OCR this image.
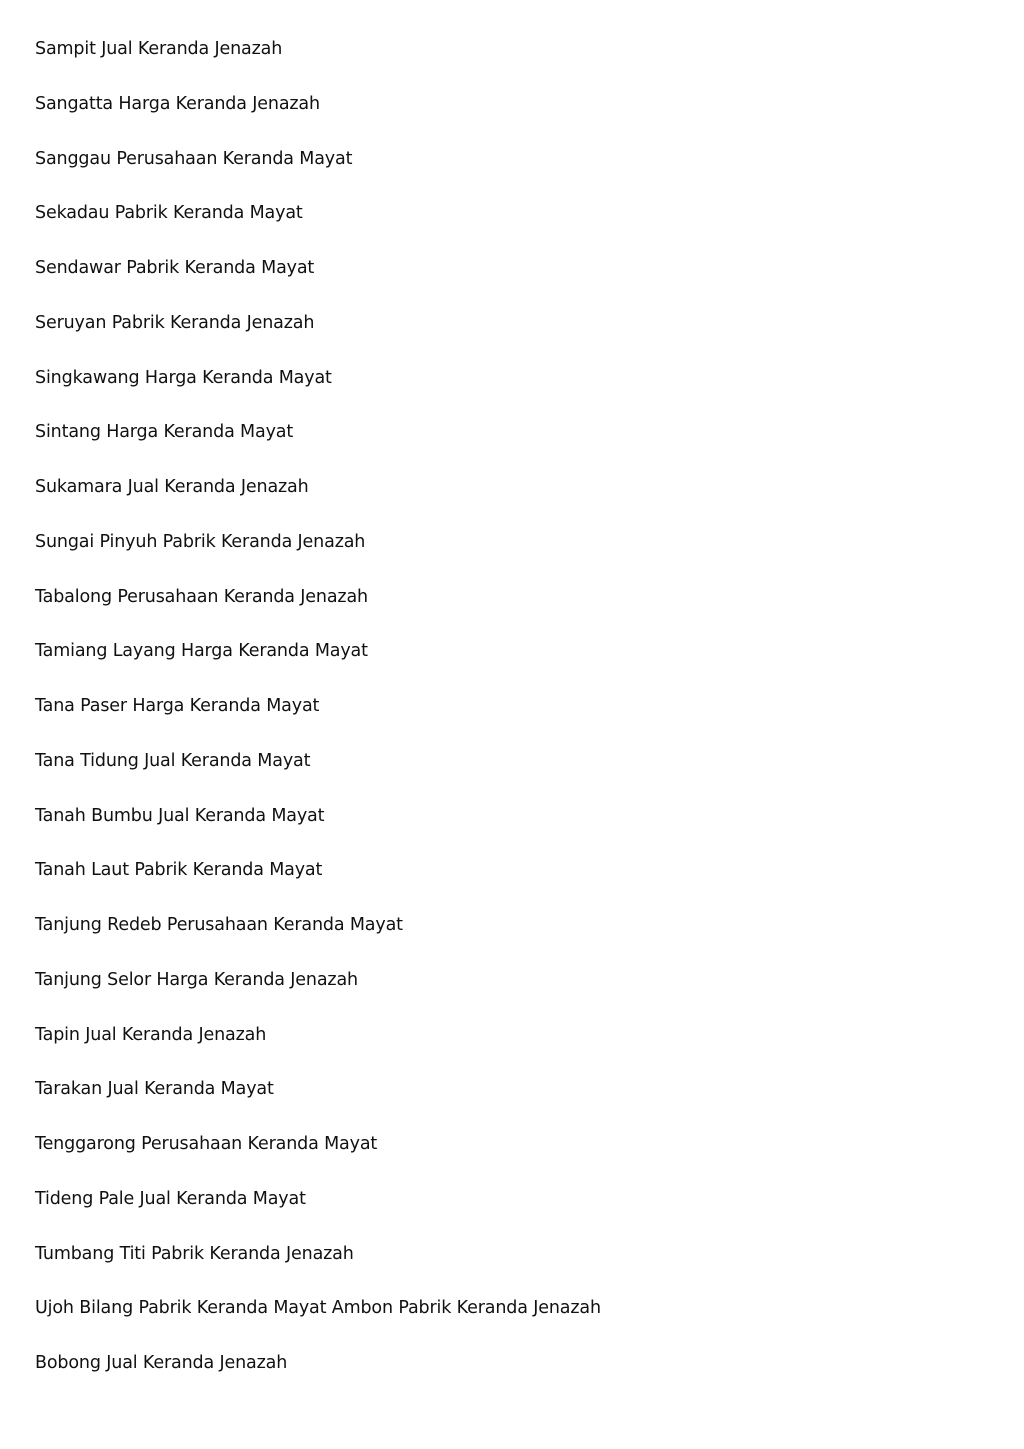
Sampit Jual Keranda Jenazah
Sangatta Harga Keranda Jenazah
Sanggau Perusahaan Keranda Mayat
Sekadau Pabrik Keranda Mayat
Sendawar Pabrik Keranda Mayat
Seruyan Pabrik Keranda Jenazah
Singkawang Harga Keranda Mayat
Sintang Harga Keranda Mayat
Sukamara Jual Keranda Jenazah
Sungai Pinyuh Pabrik Keranda Jenazah
Tabalong Perusahaan Keranda Jenazah
Tamiang Layang Harga Keranda Mayat
Tana Paser Harga Keranda Mayat
Tana Tidung Jual Keranda Mayat
Tanah Bumbu Jual Keranda Mayat
Tanah Laut Pabrik Keranda Mayat
Tanjung Redeb Perusahaan Keranda Mayat
Tanjung Selor Harga Keranda Jenazah
Tapin Jual Keranda Jenazah
Tarakan Jual Keranda Mayat
Tenggarong Perusahaan Keranda Mayat
Tideng Pale Jual Keranda Mayat
Tumbang Titi Pabrik Keranda Jenazah
Ujoh Bilang Pabrik Keranda Mayat Ambon Pabrik Keranda Jenazah
Bobong Jual Keranda Jenazah
